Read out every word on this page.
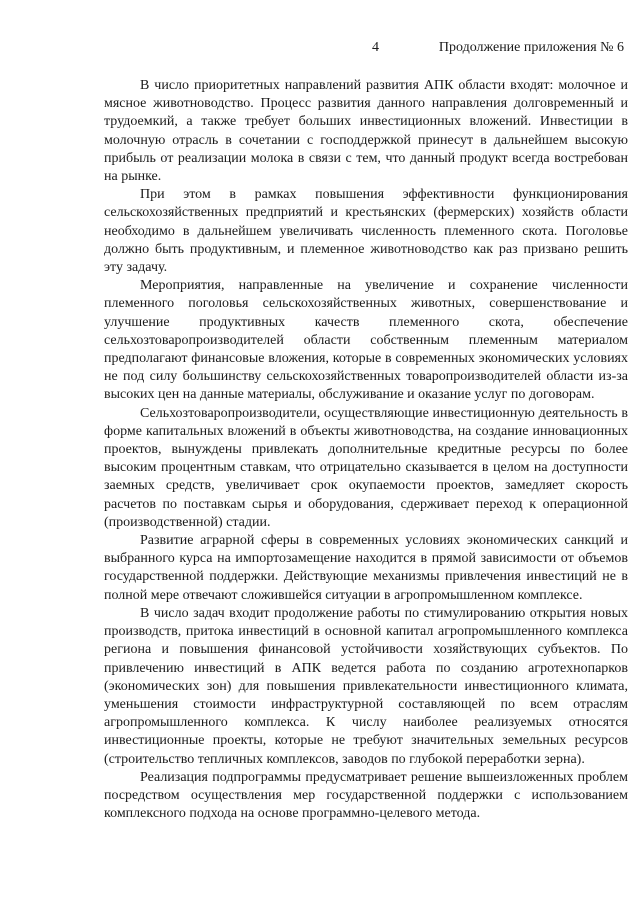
4	Продолжение приложения № 6

В число приоритетных направлений развития АПК области входят: молочное и мясное животноводство. Процесс развития данного направления долговременный и трудоемкий, а также требует больших инвестиционных вложений. Инвестиции в молочную отрасль в сочетании с господдержкой принесут в дальнейшем высокую прибыль от реализации молока в связи с тем, что данный продукт всегда востребован на рынке.

При этом в рамках повышения эффективности функционирования сельскохозяйственных предприятий и крестьянских (фермерских) хозяйств области необходимо в дальнейшем увеличивать численность племенного скота. Поголовье должно быть продуктивным, и племенное животноводство как раз призвано решить эту задачу.

Мероприятия, направленные на увеличение и сохранение численности племенного поголовья сельскохозяйственных животных, совершенствование и улучшение продуктивных качеств племенного скота, обеспечение сельхозтоваропроизводителей области собственным племенным материалом предполагают финансовые вложения, которые в современных экономических условиях не под силу большинству сельскохозяйственных товаропроизводителей области из-за высоких цен на данные материалы, обслуживание и оказание услуг по договорам.

Сельхозтоваропроизводители, осуществляющие инвестиционную деятельность в форме капитальных вложений в объекты животноводства, на создание инновационных проектов, вынуждены привлекать дополнительные кредитные ресурсы по более высоким процентным ставкам, что отрицательно сказывается в целом на доступности заемных средств, увеличивает срок окупаемости проектов, замедляет скорость расчетов по поставкам сырья и оборудования, сдерживает переход к операционной (производственной) стадии.

Развитие аграрной сферы в современных условиях экономических санкций и выбранного курса на импортозамещение находится в прямой зависимости от объемов государственной поддержки. Действующие механизмы привлечения инвестиций не в полной мере отвечают сложившейся ситуации в агропромышленном комплексе.

В число задач входит продолжение работы по стимулированию открытия новых производств, притока инвестиций в основной капитал агропромышленного комплекса региона и повышения финансовой устойчивости хозяйствующих субъектов. По привлечению инвестиций в АПК ведется работа по созданию агротехнопарков (экономических зон) для повышения привлекательности инвестиционного климата, уменьшения стоимости инфраструктурной составляющей по всем отраслям агропромышленного комплекса. К числу наиболее реализуемых относятся инвестиционные проекты, которые не требуют значительных земельных ресурсов (строительство тепличных комплексов, заводов по глубокой переработки зерна).

Реализация подпрограммы предусматривает решение вышеизложенных проблем посредством осуществления мер государственной поддержки с использованием комплексного подхода на основе программно-целевого метода.
